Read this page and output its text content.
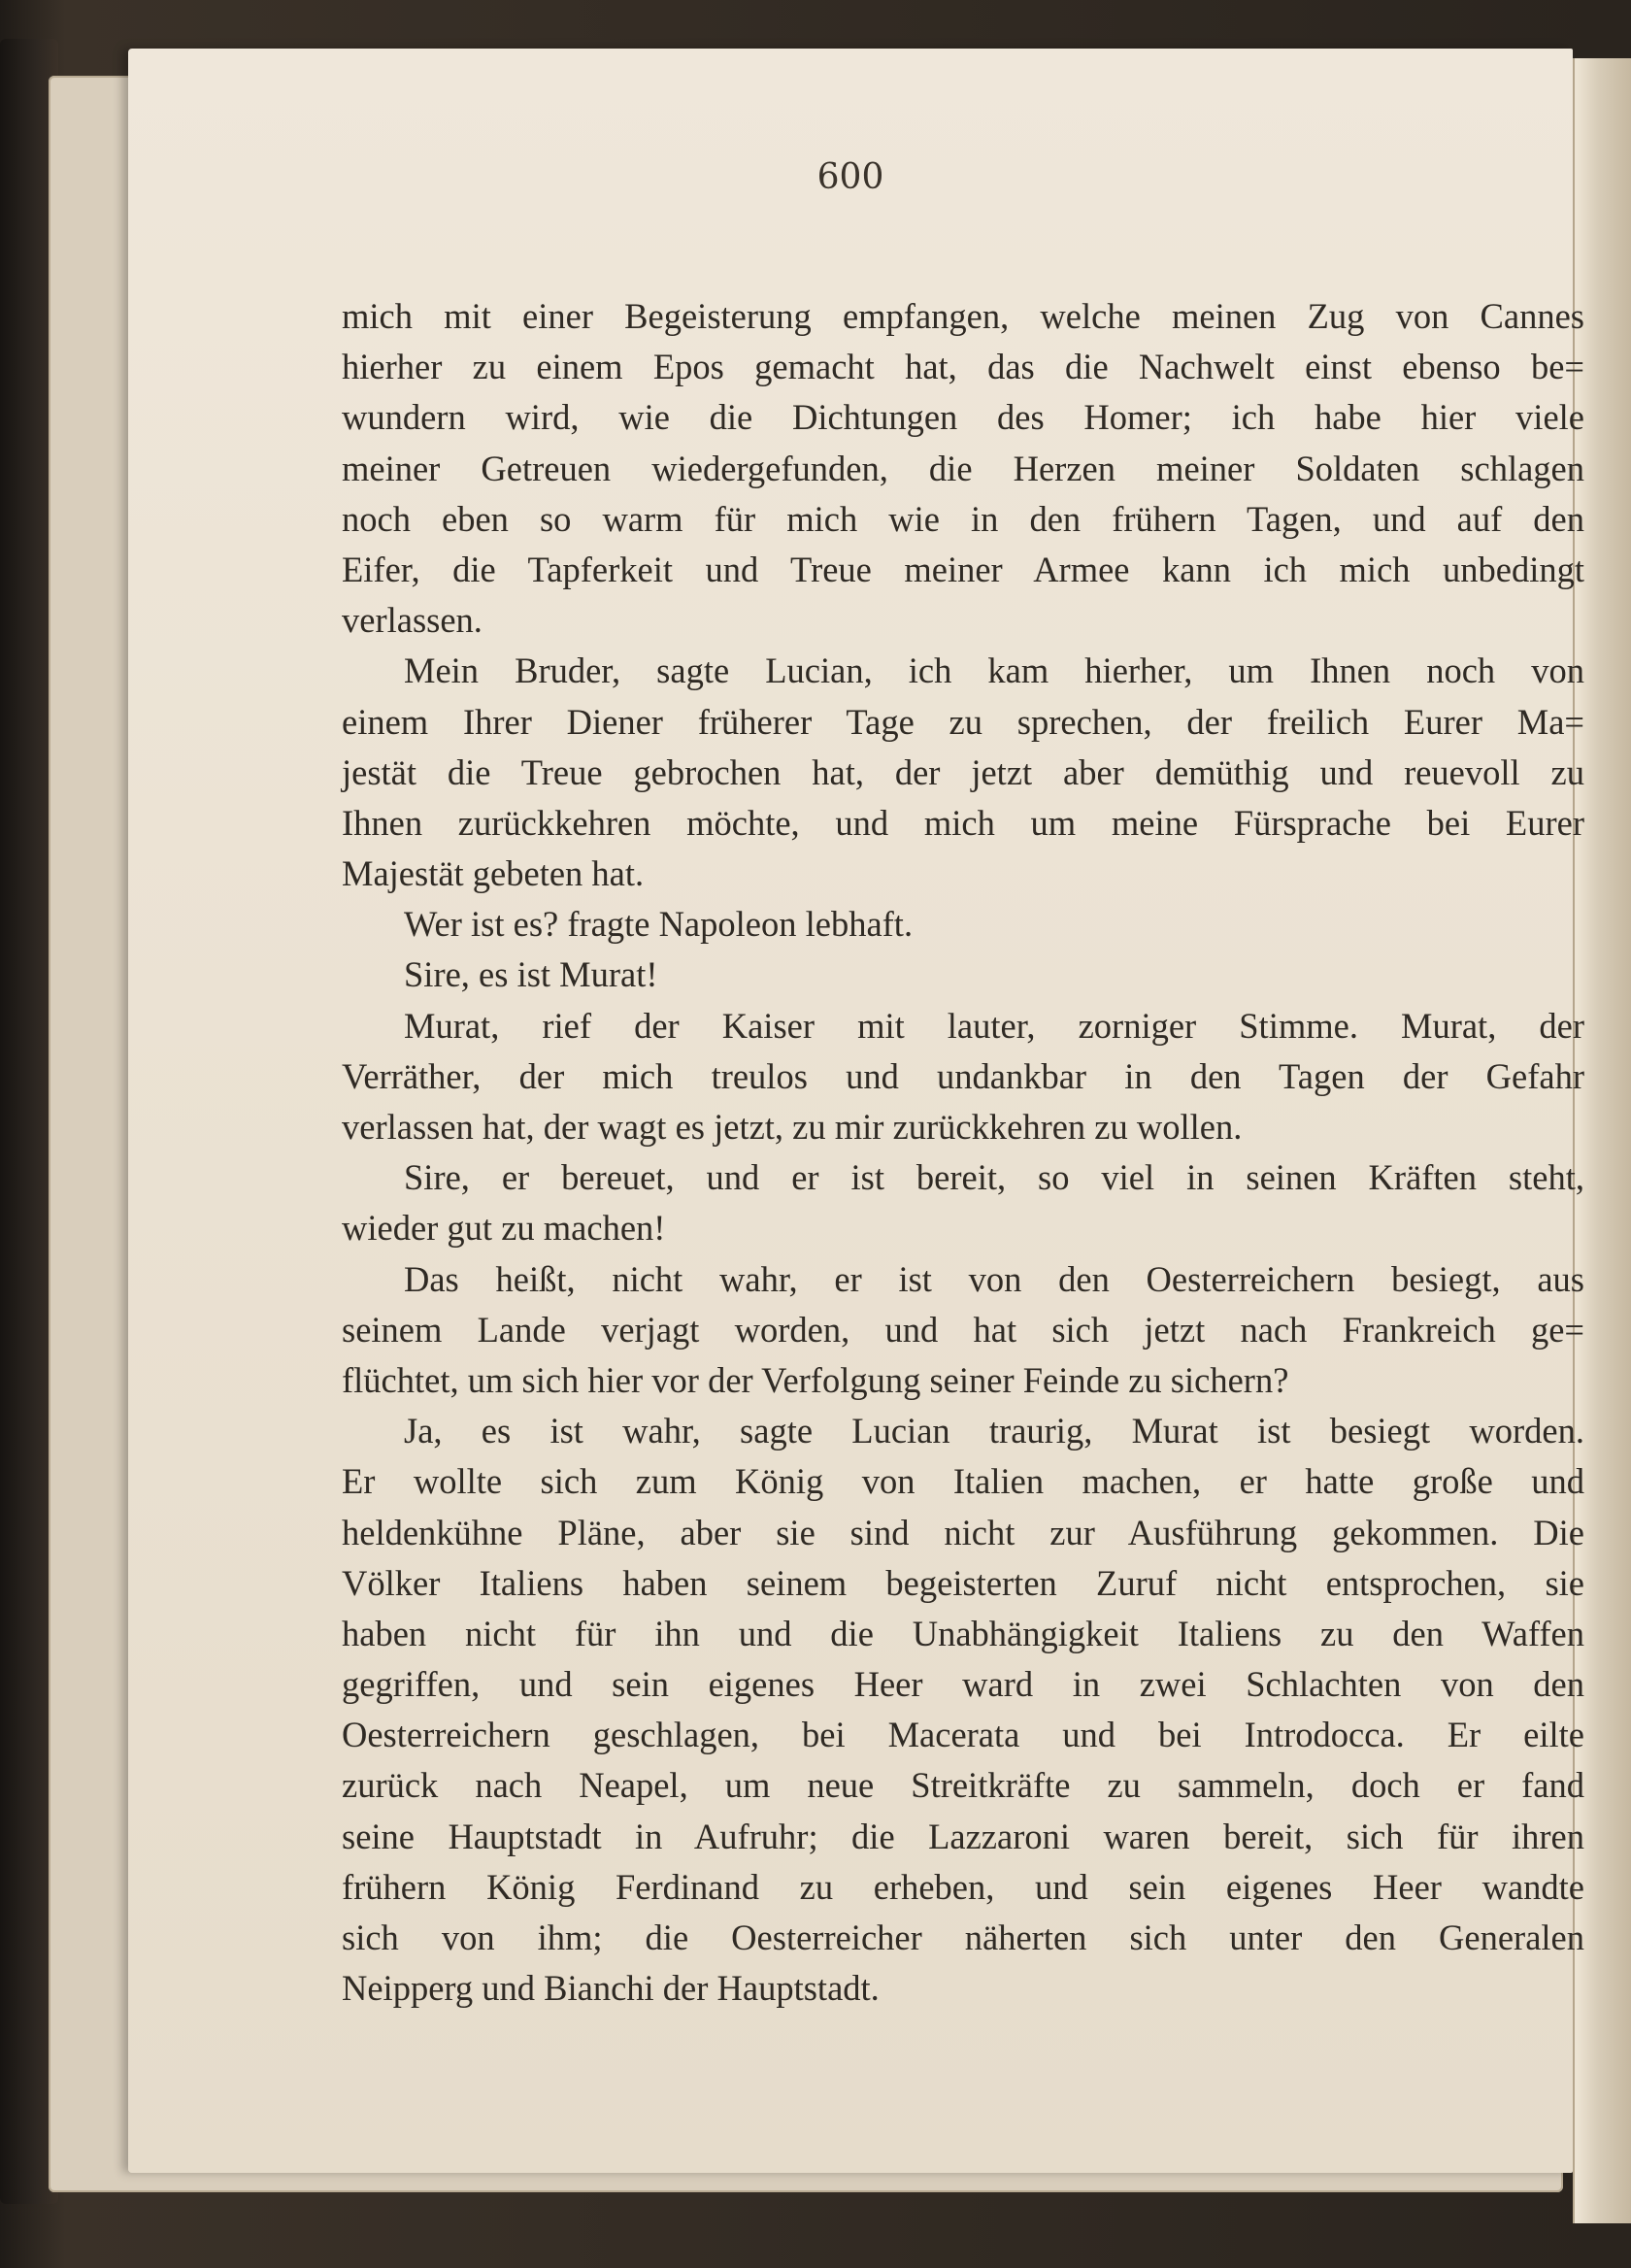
600
mich mit einer Begeisterung empfangen, welche meinen Zug von Cannes
hierher zu einem Epos gemacht hat, das die Nachwelt einst ebenso be=
wundern wird, wie die Dichtungen des Homer; ich habe hier viele
meiner Getreuen wiedergefunden, die Herzen meiner Soldaten schlagen
noch eben so warm für mich wie in den frühern Tagen, und auf den
Eifer, die Tapferkeit und Treue meiner Armee kann ich mich unbedingt
verlassen.
Mein Bruder, sagte Lucian, ich kam hierher, um Ihnen noch von
einem Ihrer Diener früherer Tage zu sprechen, der freilich Eurer Ma=
jestät die Treue gebrochen hat, der jetzt aber demüthig und reuevoll zu
Ihnen zurückkehren möchte, und mich um meine Fürsprache bei Eurer
Majestät gebeten hat.
Wer ist es? fragte Napoleon lebhaft.
Sire, es ist Murat!
Murat, rief der Kaiser mit lauter, zorniger Stimme. Murat, der
Verräther, der mich treulos und undankbar in den Tagen der Gefahr
verlassen hat, der wagt es jetzt, zu mir zurückkehren zu wollen.
Sire, er bereuet, und er ist bereit, so viel in seinen Kräften steht,
wieder gut zu machen!
Das heißt, nicht wahr, er ist von den Oesterreichern besiegt, aus
seinem Lande verjagt worden, und hat sich jetzt nach Frankreich ge=
flüchtet, um sich hier vor der Verfolgung seiner Feinde zu sichern?
Ja, es ist wahr, sagte Lucian traurig, Murat ist besiegt worden.
Er wollte sich zum König von Italien machen, er hatte große und
heldenkühne Pläne, aber sie sind nicht zur Ausführung gekommen. Die
Völker Italiens haben seinem begeisterten Zuruf nicht entsprochen, sie
haben nicht für ihn und die Unabhängigkeit Italiens zu den Waffen
gegriffen, und sein eigenes Heer ward in zwei Schlachten von den
Oesterreichern geschlagen, bei Macerata und bei Introdocca. Er eilte
zurück nach Neapel, um neue Streitkräfte zu sammeln, doch er fand
seine Hauptstadt in Aufruhr; die Lazzaroni waren bereit, sich für ihren
frühern König Ferdinand zu erheben, und sein eigenes Heer wandte
sich von ihm; die Oesterreicher näherten sich unter den Generalen
Neipperg und Bianchi der Hauptstadt.
